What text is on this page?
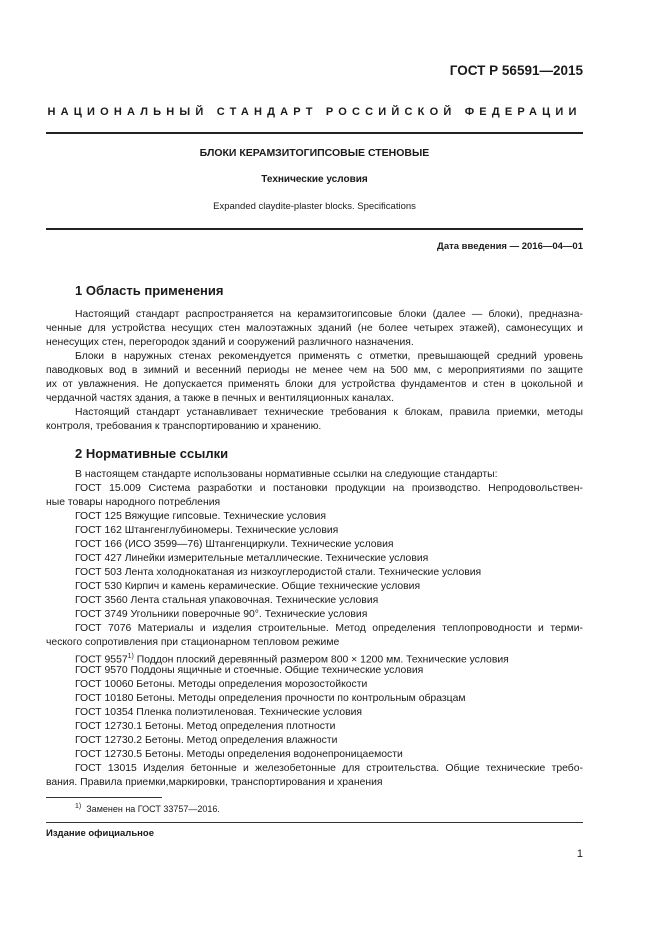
ГОСТ Р 56591—2015
НАЦИОНАЛЬНЫЙ СТАНДАРТ РОССИЙСКОЙ ФЕДЕРАЦИИ
БЛОКИ КЕРАМЗИТОГИПСОВЫЕ СТЕНОВЫЕ
Технические условия
Expanded claydite-plaster blocks. Specifications
Дата введения — 2016—04—01
1 Область применения
Настоящий стандарт распространяется на керамзитогипсовые блоки (далее — блоки), предназна-
ченные для устройства несущих стен малоэтажных зданий (не более четырех этажей), самонесущих и
ненесущих стен, перегородок зданий и сооружений различного назначения.
Блоки в наружных стенах рекомендуется применять с отметки, превышающей средний уровень
паводковых вод в зимний и весенний периоды не менее чем на 500 мм, с мероприятиями по защите
их от увлажнения. Не допускается применять блоки для устройства фундаментов и стен в цокольной и
чердачной частях здания, а также в печных и вентиляционных каналах.
Настоящий стандарт устанавливает технические требования к блокам, правила приемки, методы
контроля, требования к транспортированию и хранению.
2 Нормативные ссылки
В настоящем стандарте использованы нормативные ссылки на следующие стандарты:
ГОСТ 15.009 Система разработки и постановки продукции на производство. Непродовольствен-
ные товары народного потребления
ГОСТ 125 Вяжущие гипсовые. Технические условия
ГОСТ 162 Штангенглубиномеры. Технические условия
ГОСТ 166 (ИСО 3599—76) Штангенциркули. Технические условия
ГОСТ 427 Линейки измерительные металлические. Технические условия
ГОСТ 503 Лента холоднокатаная из низкоуглеродистой стали. Технические условия
ГОСТ 530 Кирпич и камень керамические. Общие технические условия
ГОСТ 3560 Лента стальная упаковочная. Технические условия
ГОСТ 3749 Угольники поверочные 90°. Технические условия
ГОСТ 7076 Материалы и изделия строительные. Метод определения теплопроводности и терми-
ческого сопротивления при стационарном тепловом режиме
ГОСТ 9557$^{1)}$ Поддон плоский деревянный размером 800 × 1200 мм. Технические условия
ГОСТ 9570 Поддоны ящичные и стоечные. Общие технические условия
ГОСТ 10060 Бетоны. Методы определения морозостойкости
ГОСТ 10180 Бетоны. Методы определения прочности по контрольным образцам
ГОСТ 10354 Пленка полиэтиленовая. Технические условия
ГОСТ 12730.1 Бетоны. Метод определения плотности
ГОСТ 12730.2 Бетоны. Метод определения влажности
ГОСТ 12730.5 Бетоны. Методы определения водонепроницаемости
ГОСТ 13015 Изделия бетонные и железобетонные для строительства. Общие технические требо-
вания. Правила приемки,маркировки, транспортирования и хранения
$^{1)}$ Заменен на ГОСТ 33757—2016.
Издание официальное
1
